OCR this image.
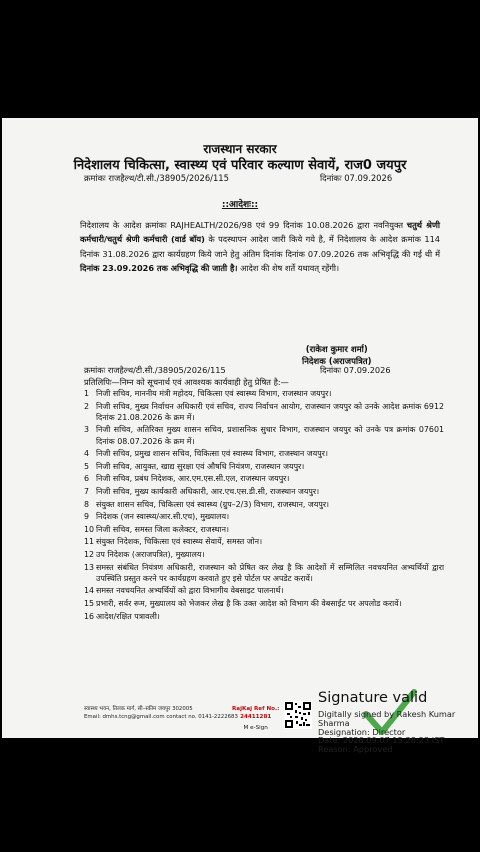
राजस्थान सरकार
निदेशालय चिकित्सा, स्वास्थ्य एवं परिवार कल्याण सेवायें, राज0 जयपुर
क्रमांकः राजहैल्थ/टी.सी./38905/2026/115	दिनांकः 07.09.2026
::आदेशः::
निदेशालय के आदेश क्रमांकः RAJHEALTH/2026/98 एवं 99 दिनांक 10.08.2026 द्वारा नवनियुक्त चतुर्थ श्रेणी कर्मचारी/चतुर्थ श्रेणी कर्मचारी (वार्ड बॉय) के पदस्थापन आदेश जारी किये गये है, में निदेशालय के आदेश क्रमांक 114 दिनांक 31.08.2026 द्वारा कार्यग्रहण किये जाने हेतु अंतिम दिनांक दिनांक 07.09.2026 तक अभिवृद्धि की गई थी में दिनांक 23.09.2026 तक अभिवृद्धि की जाती है। आदेश की शेष शर्ते यथावत् रहेंगी।
(राकेश कुमार शर्मा)
निदेशक (अराजपत्रित)
क्रमांकः राजहैल्थ/टी.सी./38905/2026/115	दिनांकः 07.09.2026
प्रतिलिपिः—निम्न को सूचनार्थ एवं आवश्यक कार्यवाही हेतु प्रेषित है:—
1 निजी सचिव, माननीय मंत्री महोदय, चिकित्सा एवं स्वास्थ्य विभाग, राजस्थान जयपुर।
2 निजी सचिव, मुख्य निर्वाचन अधिकारी एवं सचिव, राज्य निर्वाचन आयोग, राजस्थान जयपुर को उनके आदेश क्रमांक 6912 दिनांक 21.08.2026 के क्रम में।
3 निजी सचिव, अतिरिक्त मुख्य शासन सचिव, प्रशासनिक सुधार विभाग, राजस्थान जयपुर को उनके पत्र क्रमांक 07601 दिनांक 08.07.2026 के क्रम में।
4 निजी सचिव, प्रमुख शासन सचिव, चिकित्सा एवं स्वास्थ्य विभाग, राजस्थान जयपुर।
5 निजी सचिव, आयुक्त, खाद्य सुरक्षा एवं औषधि नियंत्रण, राजस्थान जयपुर।
6 निजी सचिव, प्रबंध निदेशक, आर.एम.एस.सी.एल, राजस्थान जयपुर।
7 निजी सचिव, मुख्य कार्यकारी अधिकारी, आर.एच.एस.डी.सी, राजस्थान जयपुर।
8 संयुक्त शासन सचिव, चिकित्सा एवं स्वास्थ्य (ग्रुप–2/3) विभाग, राजस्थान, जयपुर।
9 निदेशक (जन स्वास्थ्य/आर.सी.एच), मुख्यालय।
10 निजी सचिव, समस्त जिला कलेक्टर, राजस्थान।
11 संयुक्त निदेशक, चिकित्सा एवं स्वास्थ्य सेवायें, समस्त जोन।
12 उप निदेशक (अराजपत्रित), मुख्यालय।
13 समस्त संबंधित नियंत्रण अधिकारी, राजस्थान को प्रेषित कर लेख है कि आदेशों में सम्मिलित नवचयनित अभ्यर्थियों द्वारा उपस्थिति प्रस्तुत करने पर कार्यग्रहण करवाते हुए इसे पोर्टल पर अपडेट करावें।
14 समस्त नवचयनित अभ्यर्थियों को द्वारा विभागीय वेबसाइट पालनार्थ।
15 प्रभारी, सर्वर रूम, मुख्यालय को भेजकर लेख है कि उक्त आदेश को विभाग की वेबसाईट पर अपलोड करावें।
16 आदेश/रक्षित पत्रावली।
स्वास्थ्य भवन, तिलक मार्ग, सी–स्कीम जयपुर 302005
Email: dmhs.tcng@gmail.com contact no. 0141-2222683
RajKaj Ref No.:
24411281
M e-Sign
Signature valid
Digitally signed by Rakesh Kumar
Sharma
Designation: Director
Date: 2026.09.07 15:28:23 IST
Reason: Approved
